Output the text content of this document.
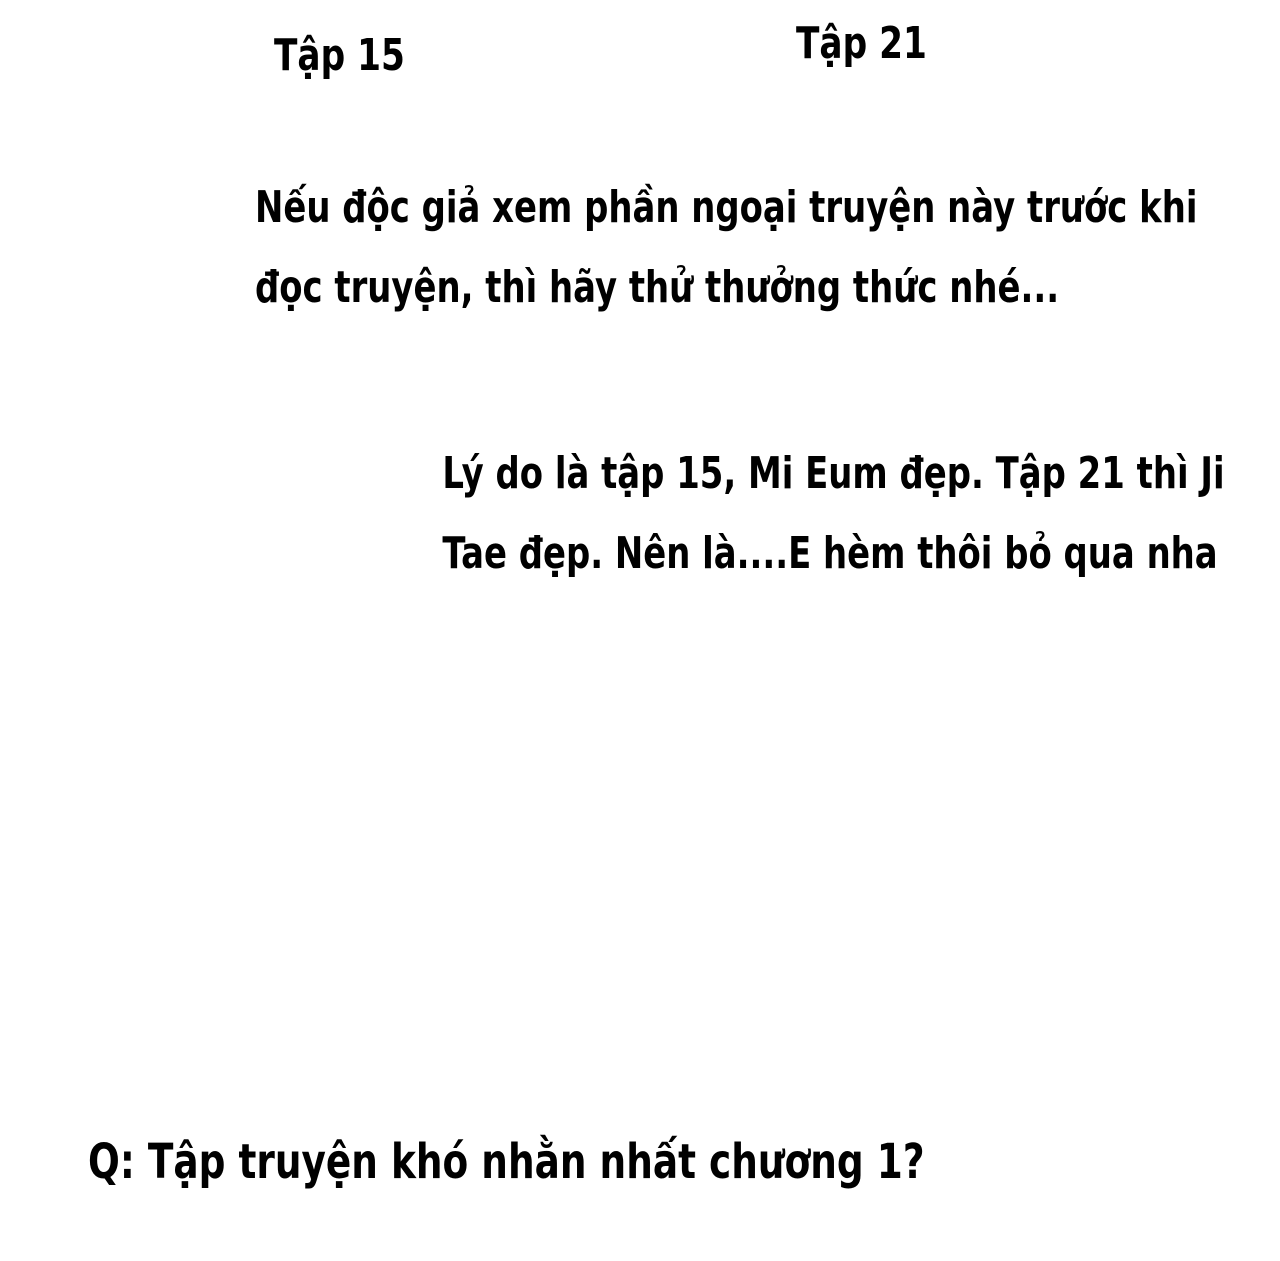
Tập 15	Tập 21
Nếu độc giả xem phần ngoại truyện này trước khi
đọc truyện, thì hãy thử thưởng thức nhé...
Lý do là tập 15, Mi Eum đẹp. Tập 21 thì Ji
Tae đẹp. Nên là....E hèm thôi bỏ qua nha
Q: Tập truyện khó nhằn nhất chương 1?
